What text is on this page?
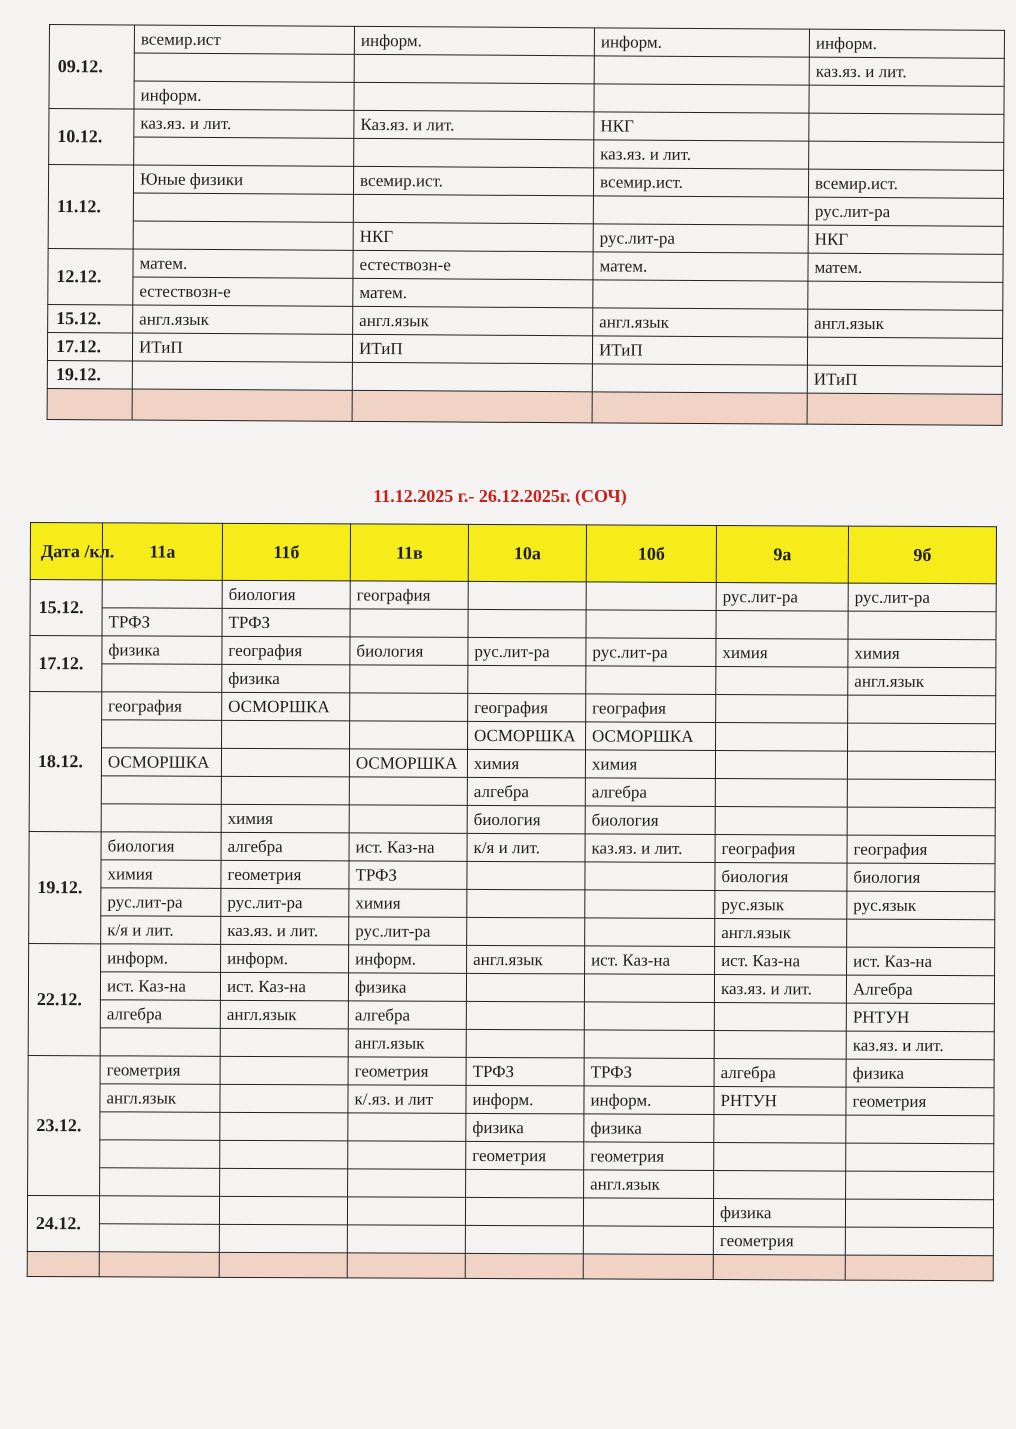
09.12.	всемир.ист	информ.	информ.	информ.
				каз.яз. и лит.
	информ.			
10.12.	каз.яз. и лит.	Каз.яз. и лит.	НКГ	
			каз.яз. и лит.	
11.12.	Юные физики	всемир.ист.	всемир.ист.	всемир.ист.
				рус.лит-ра
		НКГ	рус.лит-ра	НКГ
12.12.	матем.	естествозн-е	матем.	матем.
	естествозн-е	матем.		
15.12.	англ.язык	англ.язык	англ.язык	англ.язык
17.12.	ИТиП	ИТиП	ИТиП	
19.12.				ИТиП

11.12.2025 г.- 26.12.2025г. (СОЧ)
Дата /кл.	11а	11б	11в	10а	10б	9а	9б
15.12.		биология	география			рус.лит-ра	рус.лит-ра
	ТРФЗ	ТРФЗ					
17.12.	физика	география	биология	рус.лит-ра	рус.лит-ра	химия	химия
		физика					англ.язык
18.12.	география	ОСМОРШКА		география	география		
				ОСМОРШКА	ОСМОРШКА		
	ОСМОРШКА		ОСМОРШКА	химия	химия		
				алгебра	алгебра		
		химия		биология	биология		
19.12.	биология	алгебра	ист. Каз-на	к/я и лит.	каз.яз. и лит.	география	география
	химия	геометрия	ТРФЗ			биология	биология
	рус.лит-ра	рус.лит-ра	химия			рус.язык	рус.язык
	к/я и лит.	каз.яз. и лит.	рус.лит-ра			англ.язык	
22.12.	информ.	информ.	информ.	англ.язык	ист. Каз-на	ист. Каз-на	ист. Каз-на
	ист. Каз-на	ист. Каз-на	физика			каз.яз. и лит.	Алгебра
	алгебра	англ.язык	алгебра				РНТУН
			англ.язык				каз.яз. и лит.
23.12.	геометрия		геометрия	ТРФЗ	ТРФЗ	алгебра	физика
	англ.язык		к/.яз. и лит	информ.	информ.	РНТУН	геометрия
				физика	физика		
				геометрия	геометрия		
					англ.язык		
24.12.						физика	
						геометрия	
